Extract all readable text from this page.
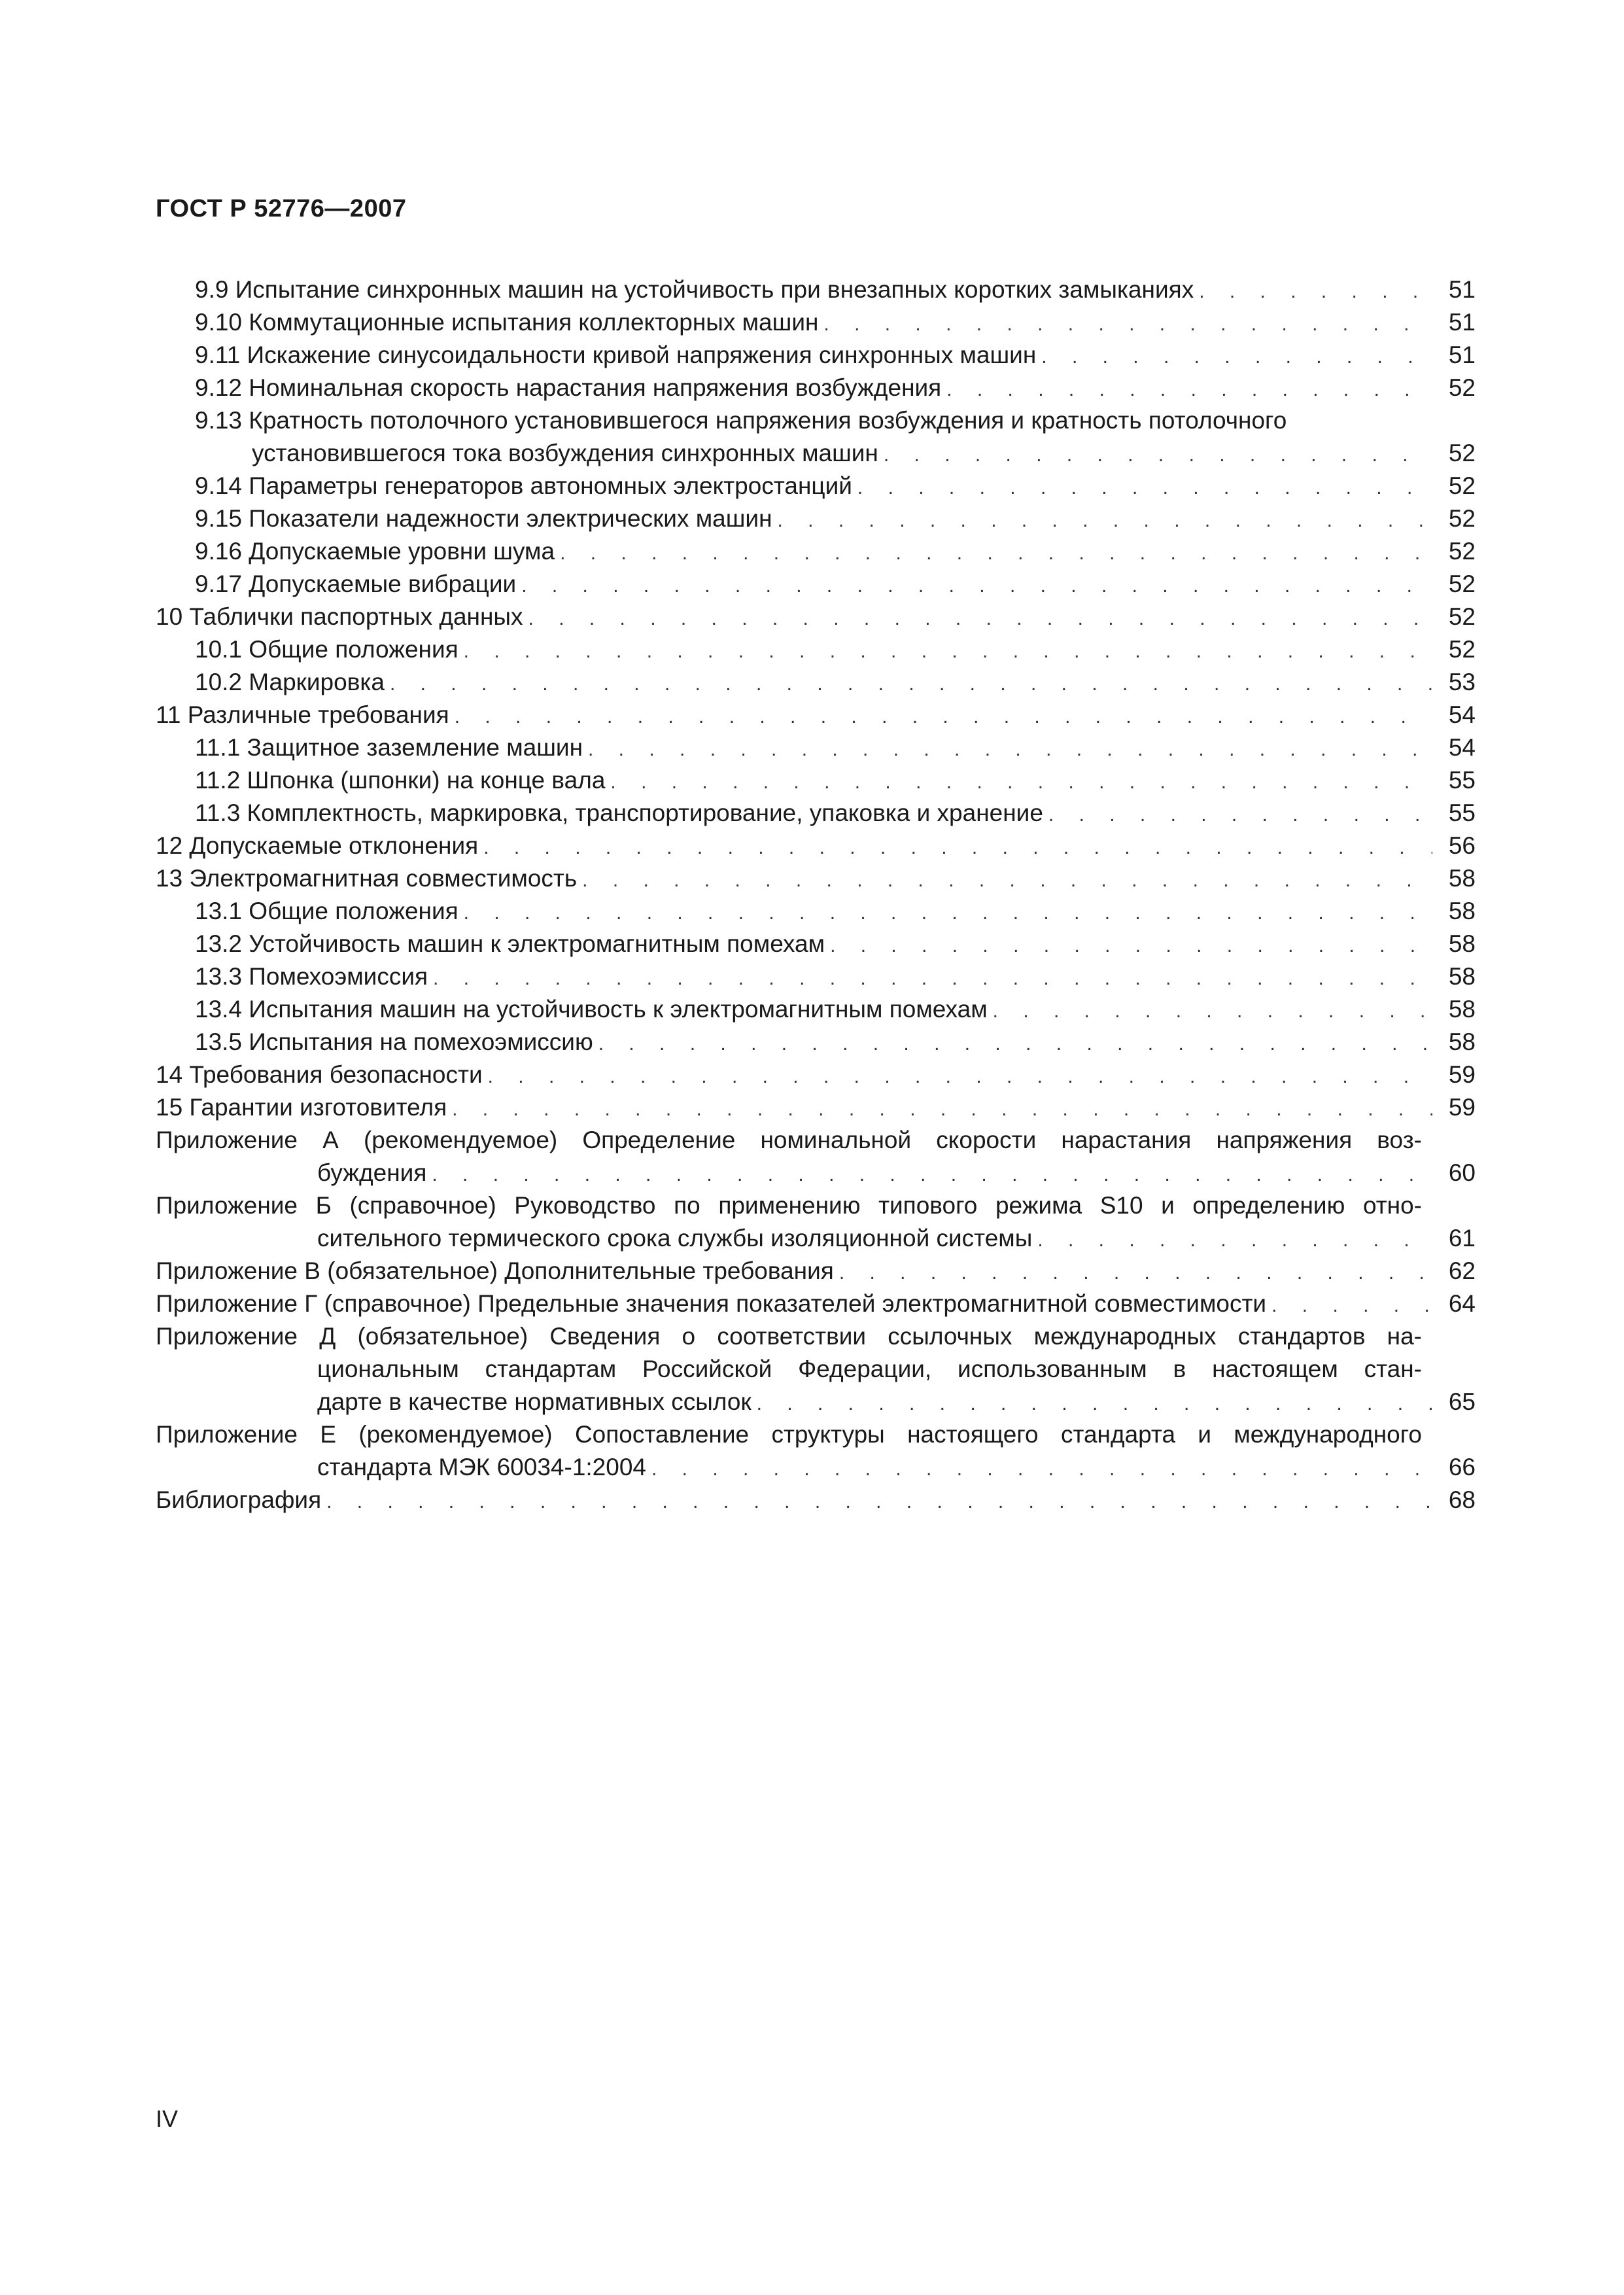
ГОСТ Р 52776—2007
9.9 Испытание синхронных машин на устойчивость при внезапных коротких замыканиях . . .	51
9.10 Коммутационные испытания коллекторных машин . . .	51
9.11 Искажение синусоидальности кривой напряжения синхронных машин . . .	51
9.12 Номинальная скорость нарастания напряжения возбуждения . . .	52
9.13 Кратность потолочного установившегося напряжения возбуждения и кратность потолочного
установившегося тока возбуждения синхронных машин . . .	52
9.14 Параметры генераторов автономных электростанций . . .	52
9.15 Показатели надежности электрических машин . . .	52
9.16 Допускаемые уровни шума . . .	52
9.17 Допускаемые вибрации . . .	52
10 Таблички паспортных данных . . .	52
10.1 Общие положения . . .	52
10.2 Маркировка . . .	53
11 Различные требования . . .	54
11.1 Защитное заземление машин . . .	54
11.2 Шпонка (шпонки) на конце вала . . .	55
11.3 Комплектность, маркировка, транспортирование, упаковка и хранение . . .	55
12 Допускаемые отклонения . . .	56
13 Электромагнитная совместимость . . .	58
13.1 Общие положения . . .	58
13.2 Устойчивость машин к электромагнитным помехам . . .	58
13.3 Помехоэмиссия . . .	58
13.4 Испытания машин на устойчивость к электромагнитным помехам . . .	58
13.5 Испытания на помехоэмиссию . . .	58
14 Требования безопасности . . .	59
15 Гарантии изготовителя . . .	59
Приложение А (рекомендуемое) Определение номинальной скорости нарастания напряжения воз-
буждения . . .	60
Приложение Б (справочное) Руководство по применению типового режима S10 и определению отно-
сительного термического срока службы изоляционной системы . . .	61
Приложение В (обязательное) Дополнительные требования . . .	62
Приложение Г (справочное) Предельные значения показателей электромагнитной совместимости . . .	64
Приложение Д (обязательное) Сведения о соответствии ссылочных международных стандартов на-
циональным стандартам Российской Федерации, использованным в настоящем стан-
дарте в качестве нормативных ссылок . . .	65
Приложение Е (рекомендуемое) Сопоставление структуры настоящего стандарта и международного
стандарта МЭК 60034-1:2004 . . .	66
Библиография . . .	68
IV
